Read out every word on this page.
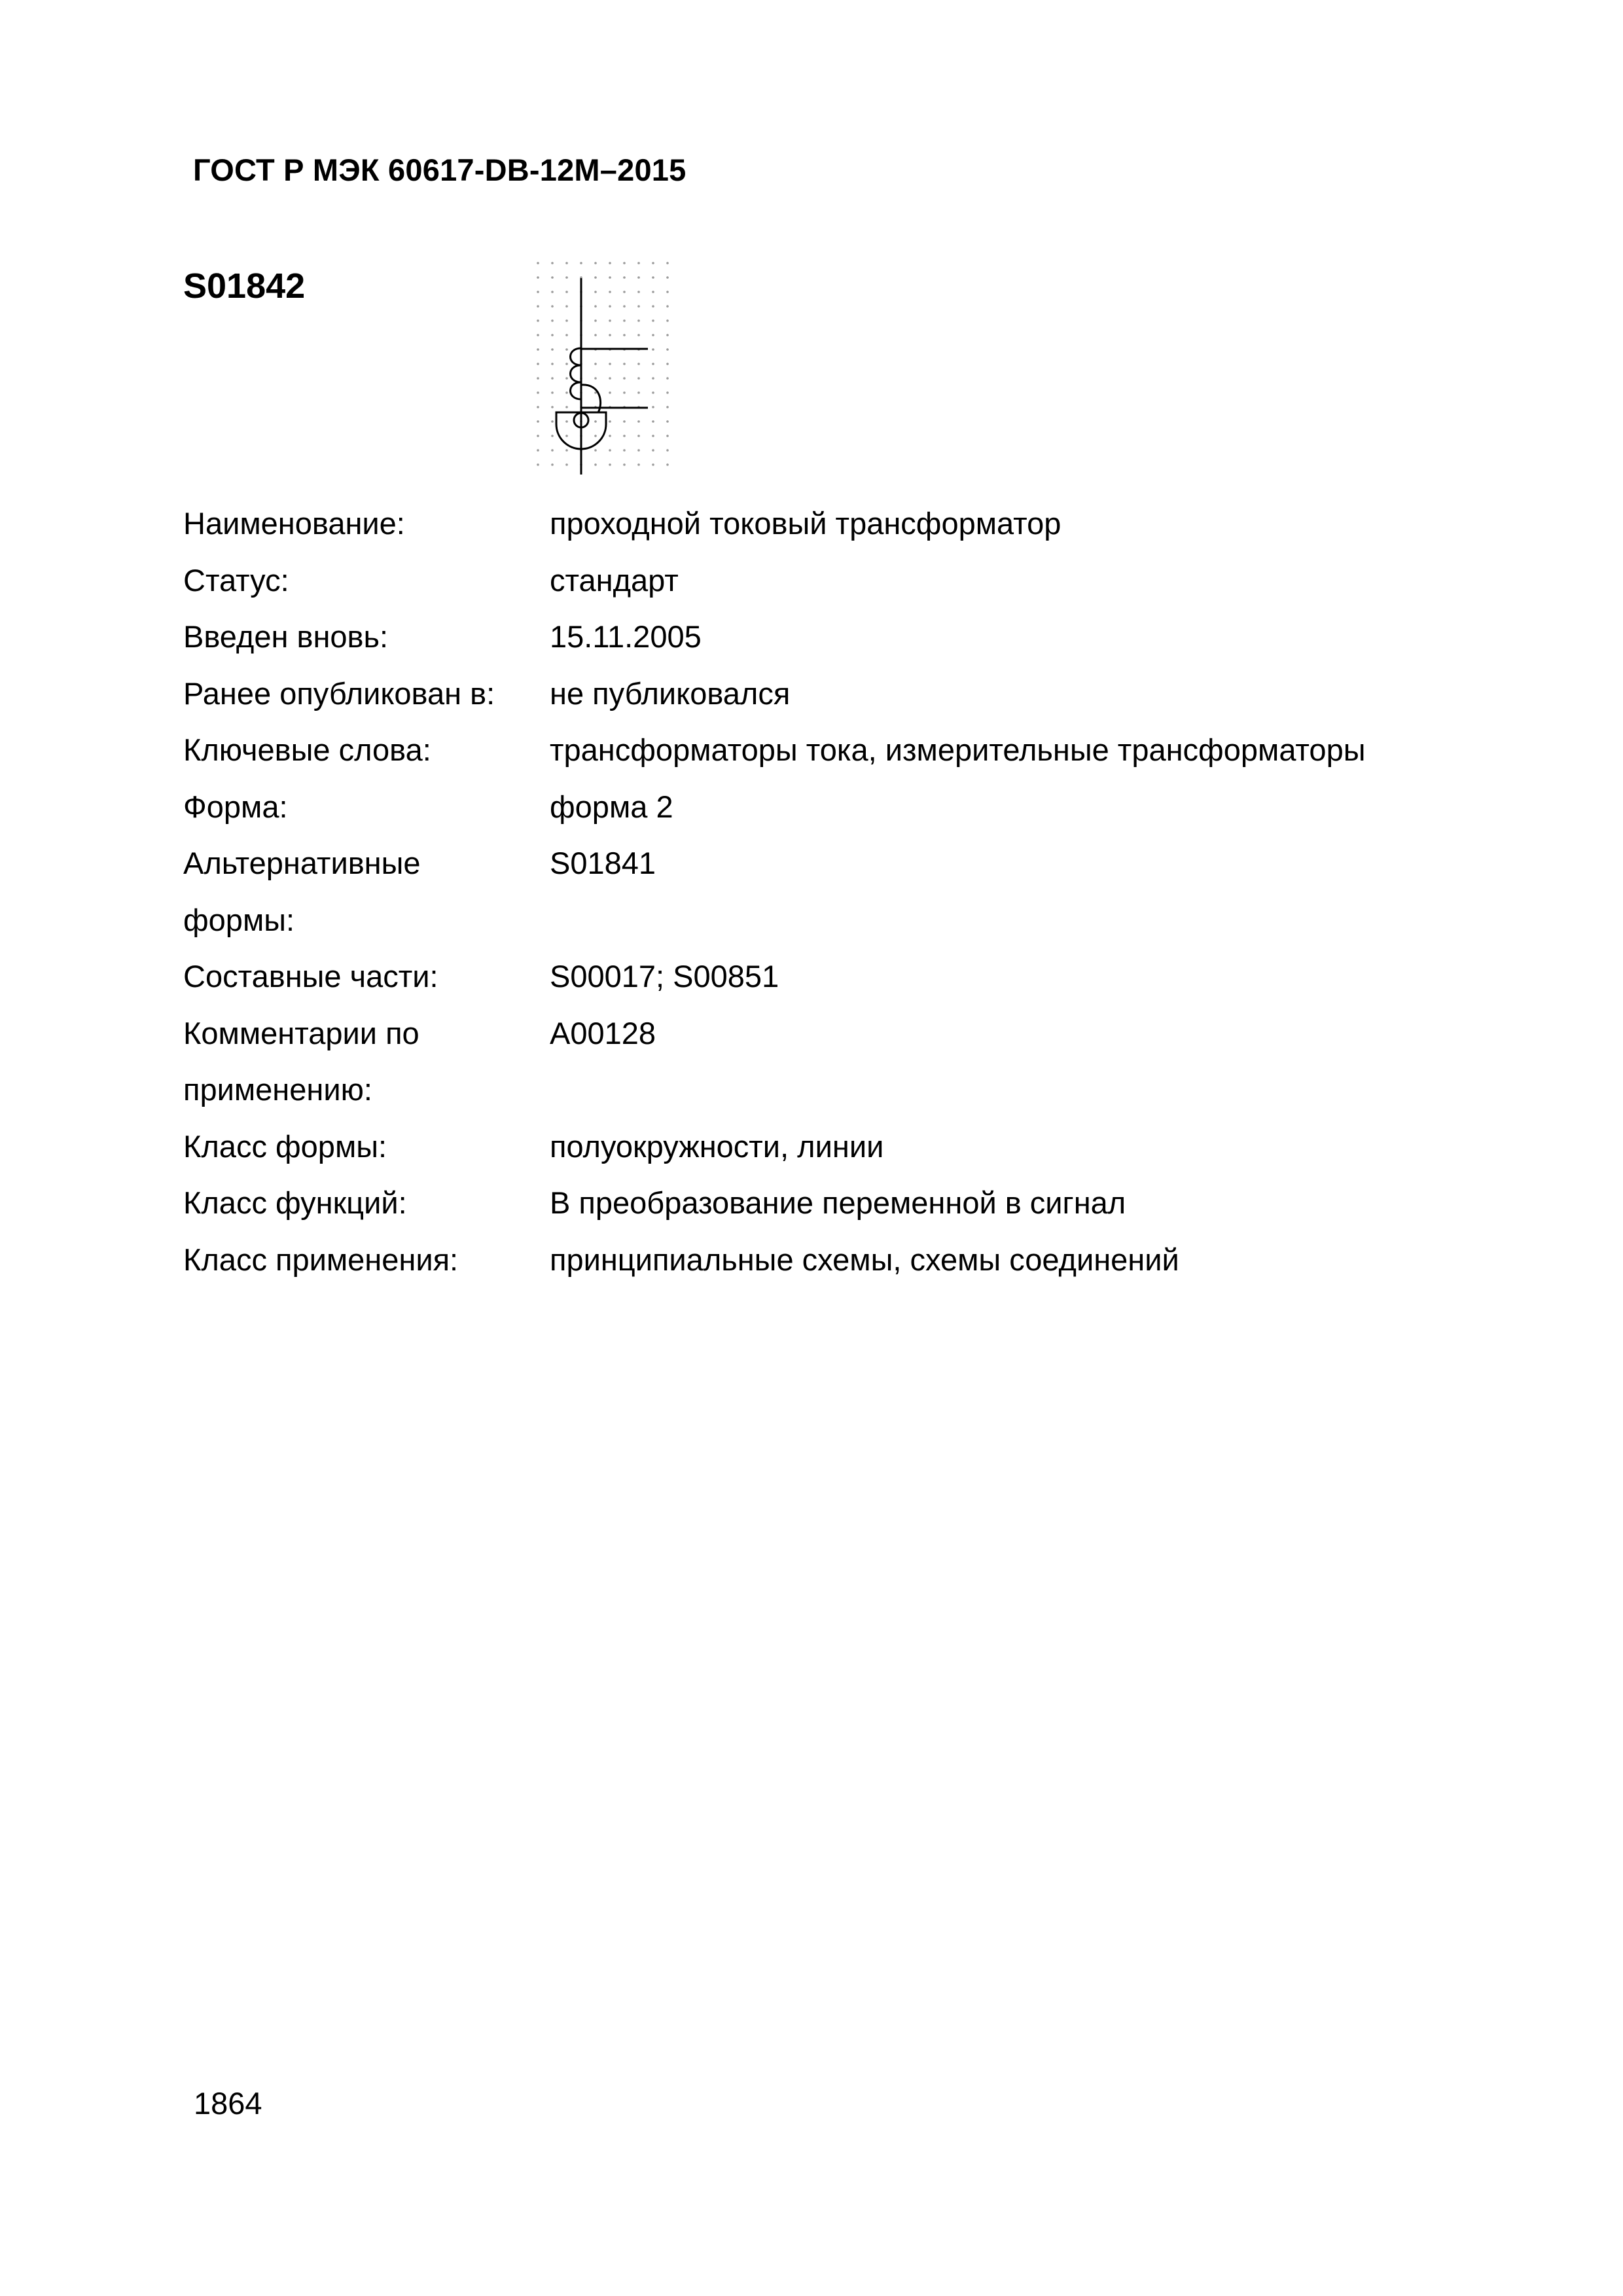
ГОСТ Р МЭК 60617-DB-12M–2015
S01842
Наименование:	проходной токовый трансформатор
Статус:	стандарт
Введен вновь:	15.11.2005
Ранее опубликован в:	не публиковался
Ключевые слова:	трансформаторы тока, измерительные трансформаторы
Форма:	форма 2
Альтернативные формы:
S01841
Составные части:	S00017; S00851
Комментарии по применению:
A00128
Класс формы:	полуокружности, линии
Класс функций:	B преобразование переменной в сигнал
Класс применения:	принципиальные схемы, схемы соединений
1864
